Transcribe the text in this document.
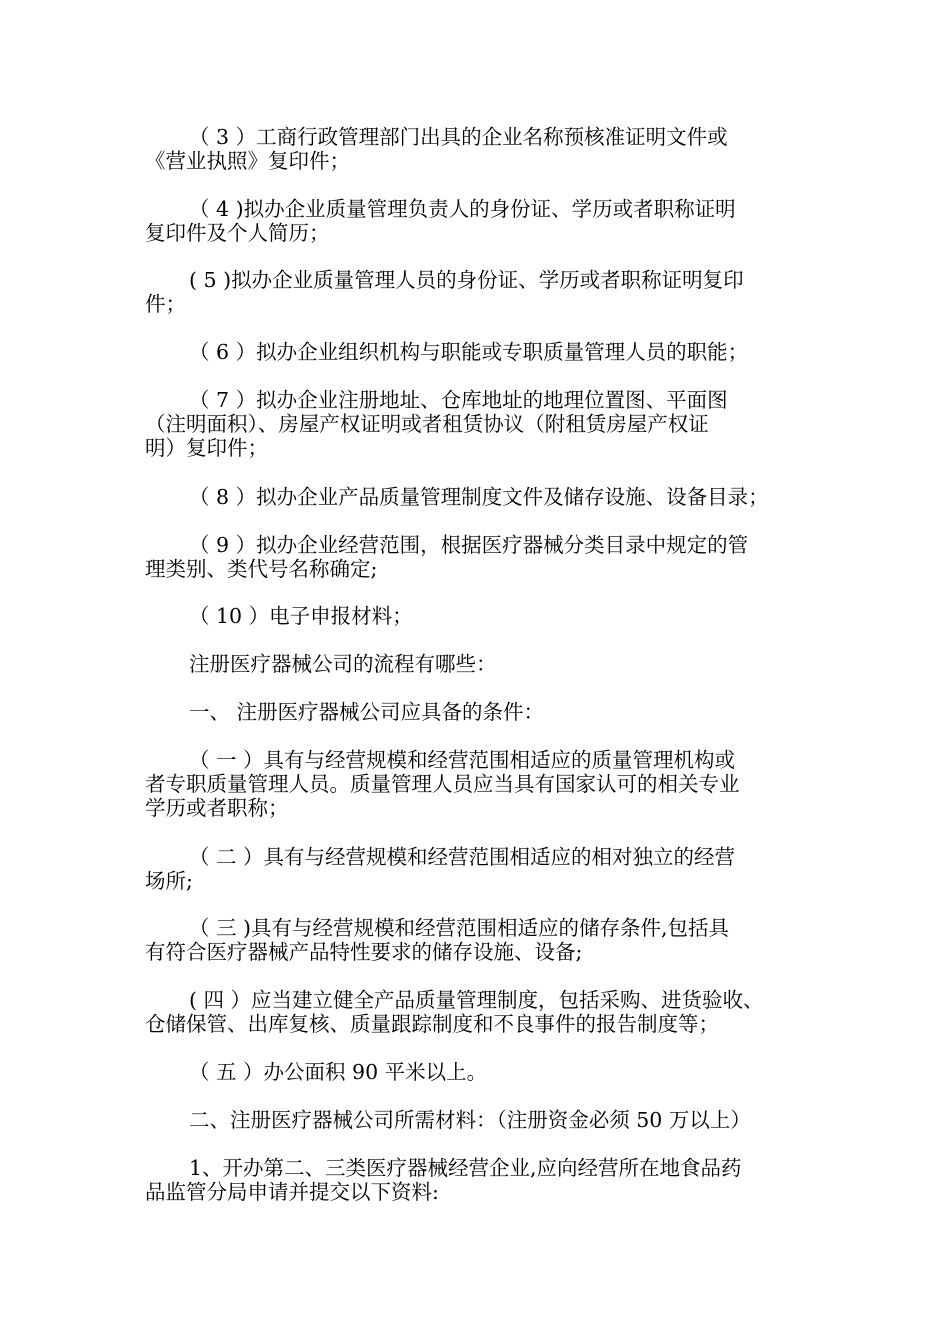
（ 3 ）工商行政管理部门出具的企业名称预核准证明文件或
《营业执照》复印件；
（ 4 )拟办企业质量管理负责人的身份证、学历或者职称证明
复印件及个人简历；
( 5 )拟办企业质量管理人员的身份证、学历或者职称证明复印
件；
（ 6 ）拟办企业组织机构与职能或专职质量管理人员的职能；
（ 7 ）拟办企业注册地址、仓库地址的地理位置图、平面图
（注明面积）、房屋产权证明或者租赁协议（附租赁房屋产权证
明）复印件；
（ 8 ）拟办企业产品质量管理制度文件及储存设施、设备目录；
（ 9 ）拟办企业经营范围，根据医疗器械分类目录中规定的管
理类别、类代号名称确定;
（ 10 ）电子申报材料；
注册医疗器械公司的流程有哪些：
一、 注册医疗器械公司应具备的条件：
（ 一 ）具有与经营规模和经营范围相适应的质量管理机构或
者专职质量管理人员。质量管理人员应当具有国家认可的相关专业
学历或者职称；
（ 二 ）具有与经营规模和经营范围相适应的相对独立的经营
场所;
（ 三 )具有与经营规模和经营范围相适应的储存条件,包括具
有符合医疗器械产品特性要求的储存设施、设备;
( 四 ）应当建立健全产品质量管理制度，包括采购、进货验收、
仓储保管、出库复核、质量跟踪制度和不良事件的报告制度等；
（ 五 ）办公面积 90 平米以上。
二、注册医疗器械公司所需材料：（注册资金必须 50 万以上）
1、开办第二、三类医疗器械经营企业,应向经营所在地食品药
品监管分局申请并提交以下资料:
